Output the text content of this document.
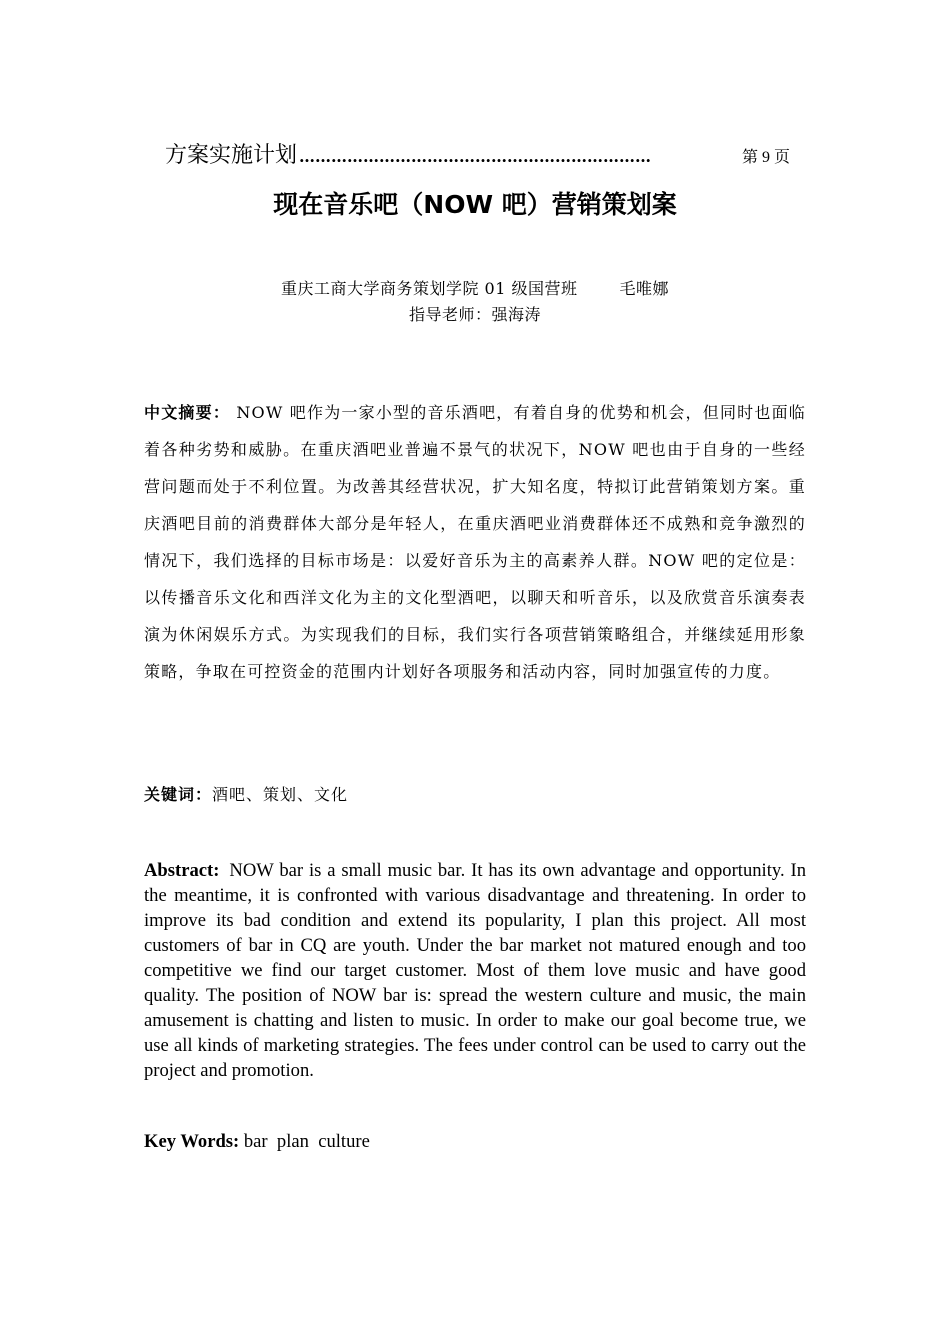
方案实施计划 …………………………………………………………	第 9 页
现在音乐吧（NOW 吧）营销策划案
重庆工商大学商务策划学院 01 级国营班	毛唯娜
指导老师：强海涛
中文摘要： NOW 吧作为一家小型的音乐酒吧，有着自身的优势和机会，但同时也面临着各种劣势和威胁。在重庆酒吧业普遍不景气的状况下，NOW 吧也由于自身的一些经营问题而处于不利位置。为改善其经营状况，扩大知名度，特拟订此营销策划方案。重庆酒吧目前的消费群体大部分是年轻人，在重庆酒吧业消费群体还不成熟和竞争激烈的情况下，我们选择的目标市场是：以爱好音乐为主的高素养人群。NOW 吧的定位是：以传播音乐文化和西洋文化为主的文化型酒吧，以聊天和听音乐，以及欣赏音乐演奏表演为休闲娱乐方式。为实现我们的目标，我们实行各项营销策略组合，并继续延用形象策略，争取在可控资金的范围内计划好各项服务和活动内容，同时加强宣传的力度。
关键词：酒吧、策划、文化
Abstract: NOW bar is a small music bar. It has its own advantage and opportunity. In the meantime, it is confronted with various disadvantage and threatening. In order to improve its bad condition and extend its popularity, I plan this project. All most customers of bar in CQ are youth. Under the bar market not matured enough and too competitive we find our target customer. Most of them love music and have good quality. The position of NOW bar is: spread the western culture and music, the main amusement is chatting and listen to music. In order to make our goal become true, we use all kinds of marketing strategies. The fees under control can be used to carry out the project and promotion.
Key Words: bar  plan  culture
